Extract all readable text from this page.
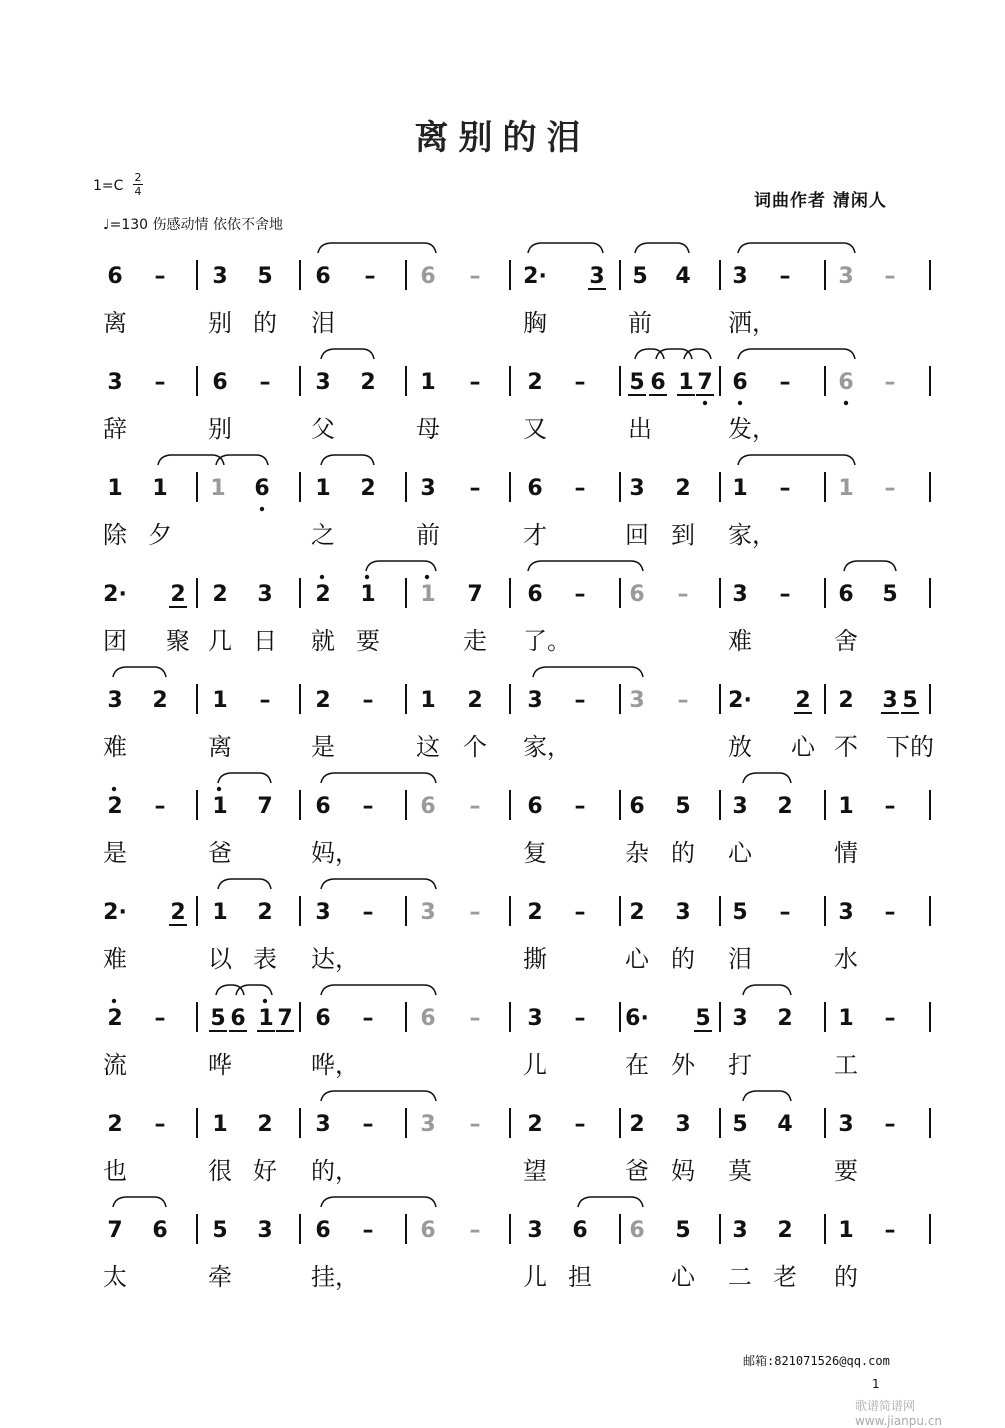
离别的泪
1=C
2
4
♩=130 伤感动情 依依不舍地
词曲作者 清闲人
6 – 3 5 6 – 6 – 2· 3 5 4 3 – 3 –
离	别 的 泪	胸	前	洒，
3 – 6 – 3 2 1 – 2 – 5 6 1 7 6 – 6 –
辞	别	父	母	又	出	发，
1 1 1 6 1 2 3 – 6 – 3 2 1 – 1 –
除 夕	之	前	才	回 到 家，
2· 2 2 3 2 1 1 7 6 – 6 – 3 – 6 5
团 聚 几 日 就 要	走 了。	难	舍
3 2 1 – 2 – 1 2 3 – 3 – 2· 2 2 3 5
难	离	是	这 个 家，	放 心 不 下的
2 – 1 7 6 – 6 – 6 – 6 5 3 2 1 –
是	爸	妈，	复	杂 的 心	情
2· 2 1 2 3 – 3 – 2 – 2 3 5 – 3 –
难	以 表 达，	撕	心 的 泪	水
2 – 5 6 1 7 6 – 6 – 3 – 6· 5 3 2 1 –
流	哗	哗，	儿	在 外 打	工
2 – 1 2 3 – 3 – 2 – 2 3 5 4 3 –
也	很 好 的，	望	爸 妈 莫	要
7 6 5 3 6 – 6 – 3 6 6 5 3 2 1 –
太	牵	挂，	儿 担	心 二 老 的
邮箱:821071526@qq.com
1
歌谱简谱网 www.jianpu.cn
